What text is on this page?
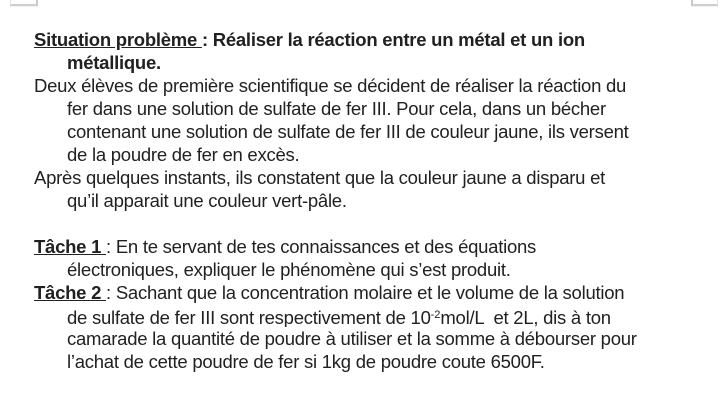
Situation problème : Réaliser la réaction entre un métal et un ion
métallique.
Deux élèves de première scientifique se décident de réaliser la réaction du
fer dans une solution de sulfate de fer III. Pour cela, dans un bécher
contenant une solution de sulfate de fer III de couleur jaune, ils versent
de la poudre de fer en excès.
Après quelques instants, ils constatent que la couleur jaune a disparu et
qu’il apparait une couleur vert-pâle.
Tâche 1 : En te servant de tes connaissances et des équations
électroniques, expliquer le phénomène qui s’est produit.
Tâche 2 : Sachant que la concentration molaire et le volume de la solution
de sulfate de fer III sont respectivement de $10^{-2}mol/L$  et 2L, dis à ton
camarade la quantité de poudre à utiliser et la somme à débourser pour
l’achat de cette poudre de fer si 1kg de poudre coute 6500F.
